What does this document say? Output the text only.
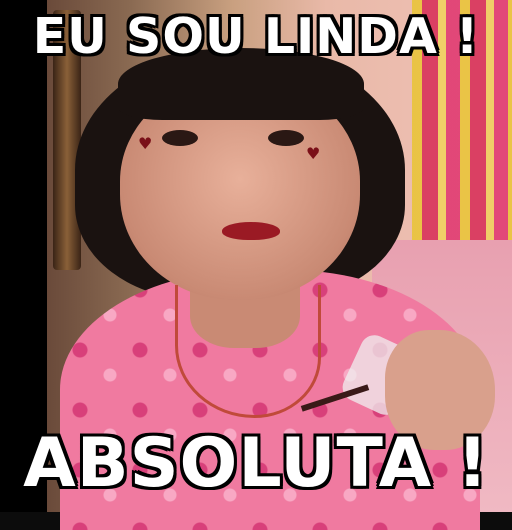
♥
♥
EU SOU LINDA !
ABSOLUTA !
